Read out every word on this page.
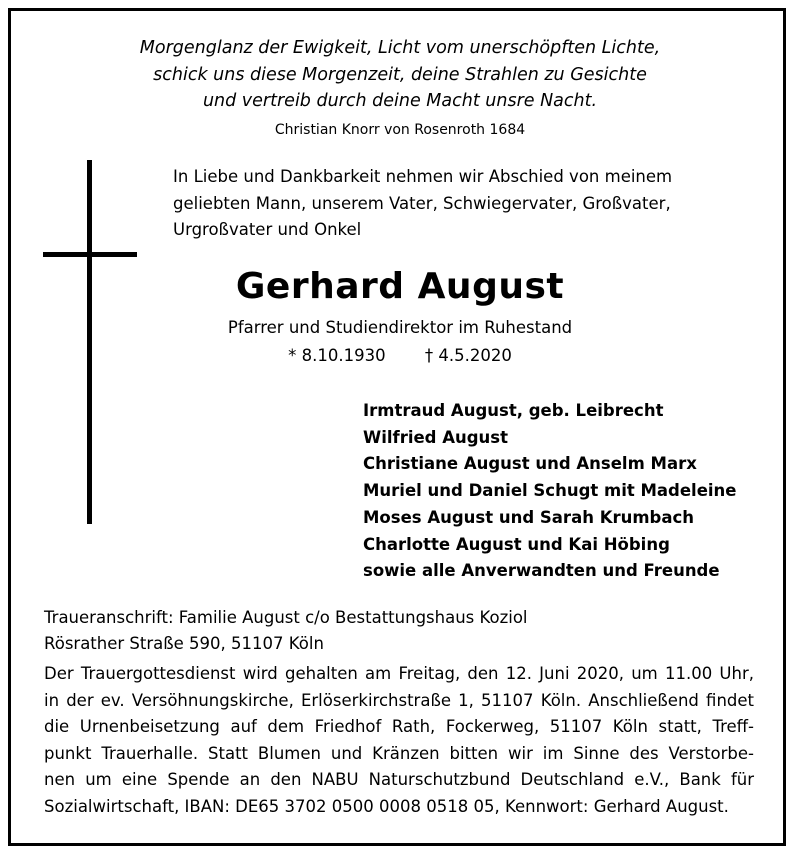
Morgenglanz der Ewigkeit, Licht vom unerschöpften Lichte,
schick uns diese Morgenzeit, deine Strahlen zu Gesichte
und vertreib durch deine Macht unsre Nacht.
Christian Knorr von Rosenroth 1684
In Liebe und Dankbarkeit nehmen wir Abschied von meinem
geliebten Mann, unserem Vater, Schwiegervater, Großvater,
Urgroßvater und Onkel
Gerhard August
Pfarrer und Studiendirektor im Ruhestand
* 8.10.1930 † 4.5.2020
Irmtraud August, geb. Leibrecht
Wilfried August
Christiane August und Anselm Marx
Muriel und Daniel Schugt mit Madeleine
Moses August und Sarah Krumbach
Charlotte August und Kai Höbing
sowie alle Anverwandten und Freunde
Traueranschrift: Familie August c/o Bestattungshaus Koziol
Rösrather Straße 590, 51107 Köln
Der Trauergottesdienst wird gehalten am Freitag, den 12. Juni 2020, um 11.00 Uhr,
in der ev. Versöhnungskirche, Erlöserkirchstraße 1, 51107 Köln. Anschließend findet
die Urnenbeisetzung auf dem Friedhof Rath, Fockerweg, 51107 Köln statt, Treff-
punkt Trauerhalle. Statt Blumen und Kränzen bitten wir im Sinne des Verstorbe-
nen um eine Spende an den NABU Naturschutzbund Deutschland e.V., Bank für
Sozialwirtschaft, IBAN: DE65 3702 0500 0008 0518 05, Kennwort: Gerhard August.
